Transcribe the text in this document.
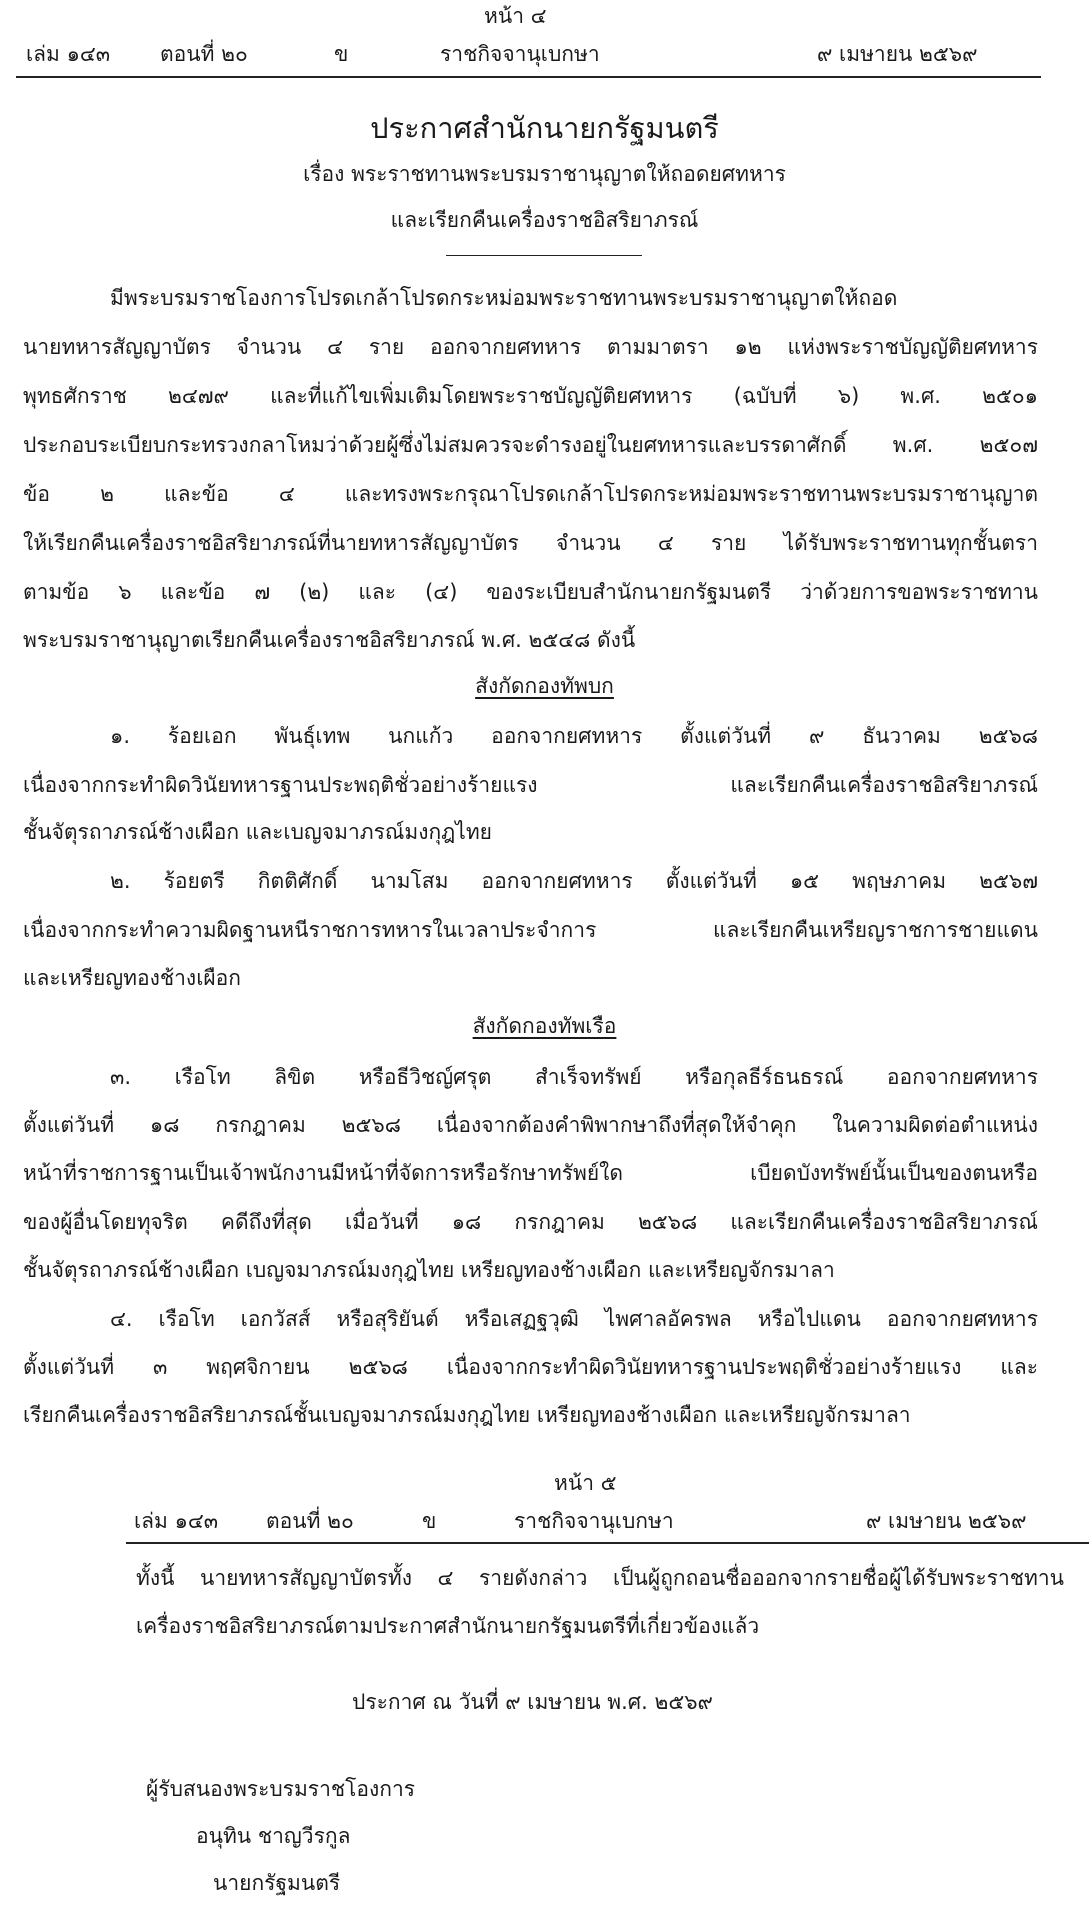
หน้า ๔
เล่ม ๑๔๓ ตอนที่ ๒๐	ข	ราชกิจจานุเบกษา	๙ เมษายน ๒๕๖๙
ประกาศสำนักนายกรัฐมนตรี
เรื่อง พระราชทานพระบรมราชานุญาตให้ถอดยศทหาร
และเรียกคืนเครื่องราชอิสริยาภรณ์
มีพระบรมราชโองการโปรดเกล้าโปรดกระหม่อมพระราชทานพระบรมราชานุญาตให้ถอด
นายทหารสัญญาบัตร จำนวน ๔ ราย ออกจากยศทหาร ตามมาตรา ๑๒ แห่งพระราชบัญญัติยศทหาร
พุทธศักราช ๒๔๗๙ และที่แก้ไขเพิ่มเติมโดยพระราชบัญญัติยศทหาร (ฉบับที่ ๖) พ.ศ. ๒๕๐๑
ประกอบระเบียบกระทรวงกลาโหมว่าด้วยผู้ซึ่งไม่สมควรจะดำรงอยู่ในยศทหารและบรรดาศักดิ์ พ.ศ. ๒๕๐๗
ข้อ ๒ และข้อ ๔ และทรงพระกรุณาโปรดเกล้าโปรดกระหม่อมพระราชทานพระบรมราชานุญาต
ให้เรียกคืนเครื่องราชอิสริยาภรณ์ที่นายทหารสัญญาบัตร จำนวน ๔ ราย ได้รับพระราชทานทุกชั้นตรา
ตามข้อ ๖ และข้อ ๗ (๒) และ (๔) ของระเบียบสำนักนายกรัฐมนตรี ว่าด้วยการขอพระราชทาน
พระบรมราชานุญาตเรียกคืนเครื่องราชอิสริยาภรณ์ พ.ศ. ๒๕๔๘ ดังนี้
สังกัดกองทัพบก
๑. ร้อยเอก พันธุ์เทพ นกแก้ว ออกจากยศทหาร ตั้งแต่วันที่ ๙ ธันวาคม ๒๕๖๘
เนื่องจากกระทำผิดวินัยทหารฐานประพฤติชั่วอย่างร้ายแรง และเรียกคืนเครื่องราชอิสริยาภรณ์
ชั้นจัตุรถาภรณ์ช้างเผือก และเบญจมาภรณ์มงกุฎไทย
๒. ร้อยตรี กิตติศักดิ์ นามโสม ออกจากยศทหาร ตั้งแต่วันที่ ๑๕ พฤษภาคม ๒๕๖๗
เนื่องจากกระทำความผิดฐานหนีราชการทหารในเวลาประจำการ และเรียกคืนเหรียญราชการชายแดน
และเหรียญทองช้างเผือก
สังกัดกองทัพเรือ
๓. เรือโท ลิขิต หรือธีวิชญ์ศรุต สำเร็จทรัพย์ หรือกุลธีร์ธนธรณ์ ออกจากยศทหาร
ตั้งแต่วันที่ ๑๘ กรกฎาคม ๒๕๖๘ เนื่องจากต้องคำพิพากษาถึงที่สุดให้จำคุก ในความผิดต่อตำแหน่ง
หน้าที่ราชการฐานเป็นเจ้าพนักงานมีหน้าที่จัดการหรือรักษาทรัพย์ใด เบียดบังทรัพย์นั้นเป็นของตนหรือ
ของผู้อื่นโดยทุจริต คดีถึงที่สุด เมื่อวันที่ ๑๘ กรกฎาคม ๒๕๖๘ และเรียกคืนเครื่องราชอิสริยาภรณ์
ชั้นจัตุรถาภรณ์ช้างเผือก เบญจมาภรณ์มงกุฎไทย เหรียญทองช้างเผือก และเหรียญจักรมาลา
๔. เรือโท เอกวัสส์ หรือสุริยันต์ หรือเสฏฐวุฒิ ไพศาลอัครพล หรือไปแดน ออกจากยศทหาร
ตั้งแต่วันที่ ๓ พฤศจิกายน ๒๕๖๘ เนื่องจากกระทำผิดวินัยทหารฐานประพฤติชั่วอย่างร้ายแรง และ
เรียกคืนเครื่องราชอิสริยาภรณ์ชั้นเบญจมาภรณ์มงกุฎไทย เหรียญทองช้างเผือก และเหรียญจักรมาลา
หน้า ๕
เล่ม ๑๔๓ ตอนที่ ๒๐	ข	ราชกิจจานุเบกษา	๙ เมษายน ๒๕๖๙
ทั้งนี้ นายทหารสัญญาบัตรทั้ง ๔ รายดังกล่าว เป็นผู้ถูกถอนชื่อออกจากรายชื่อผู้ได้รับพระราชทาน
เครื่องราชอิสริยาภรณ์ตามประกาศสำนักนายกรัฐมนตรีที่เกี่ยวข้องแล้ว
ประกาศ ณ วันที่ ๙ เมษายน พ.ศ. ๒๕๖๙
ผู้รับสนองพระบรมราชโองการ
อนุทิน ชาญวีรกูล
นายกรัฐมนตรี
